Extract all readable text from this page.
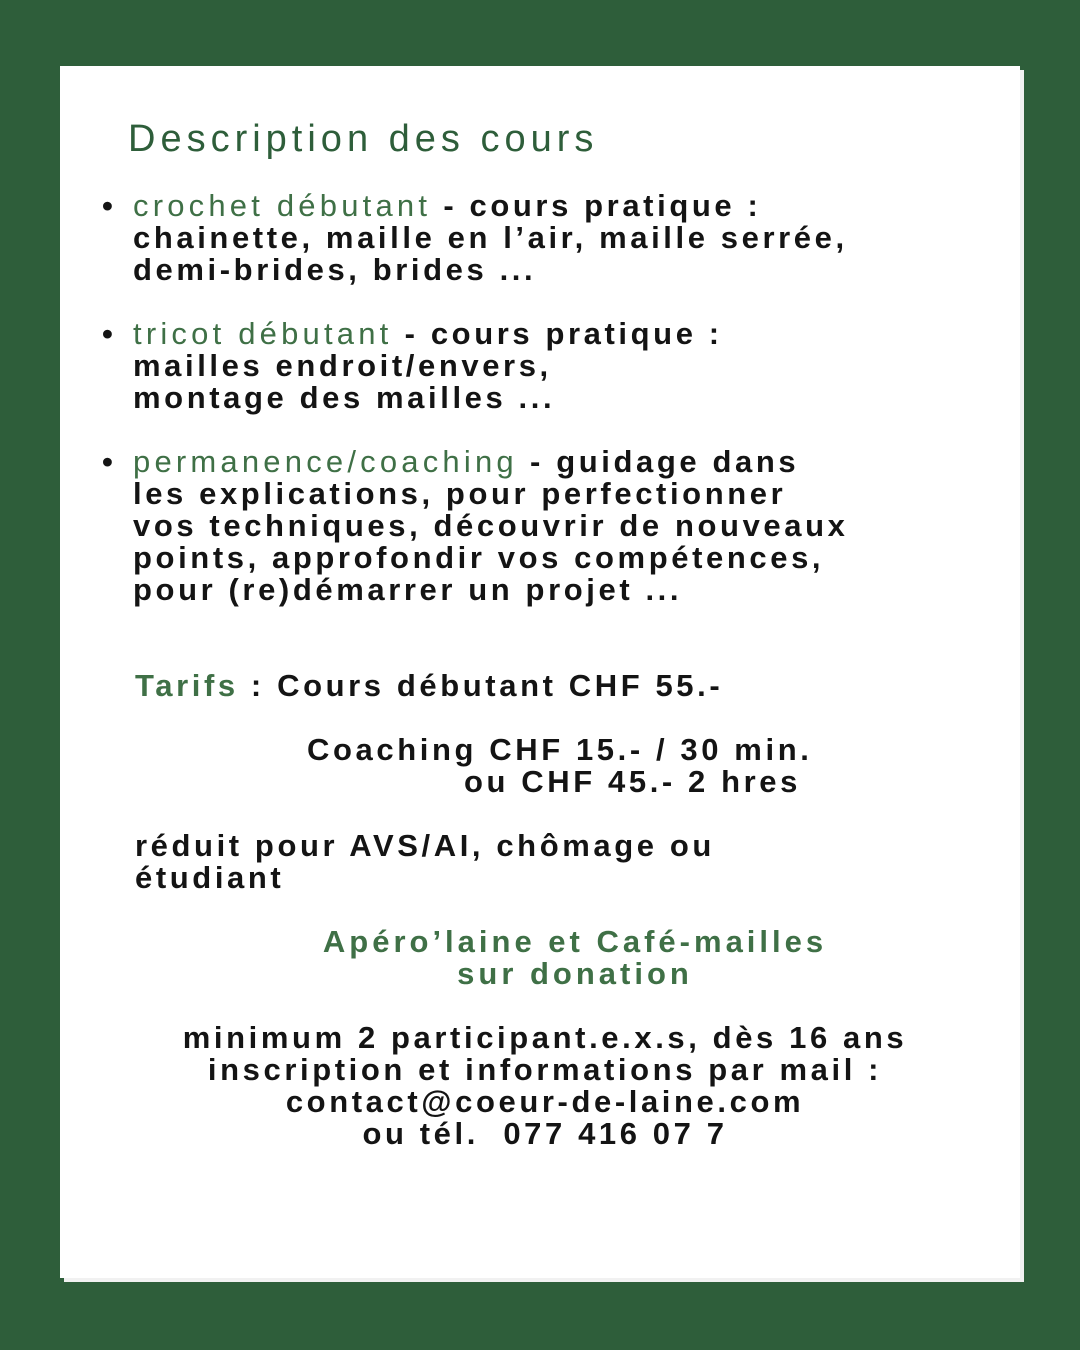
Description des cours
• crochet débutant - cours pratique :
chainette, maille en l’air, maille serrée,
demi-brides, brides ...
• tricot débutant - cours pratique :
mailles endroit/envers,
montage des mailles ...
• permanence/coaching - guidage dans
les explications, pour perfectionner
vos techniques, découvrir de nouveaux
points, approfondir vos compétences,
pour (re)démarrer un projet ...
Tarifs : Cours débutant CHF 55.-
Coaching CHF 15.- / 30 min.
ou CHF 45.- 2 hres
réduit pour AVS/AI, chômage ou
étudiant
Apéro’laine et Café-mailles
sur donation
minimum 2 participant.e.x.s, dès 16 ans
inscription et informations par mail :
contact@coeur-de-laine.com
ou tél.  077 416 07 7
